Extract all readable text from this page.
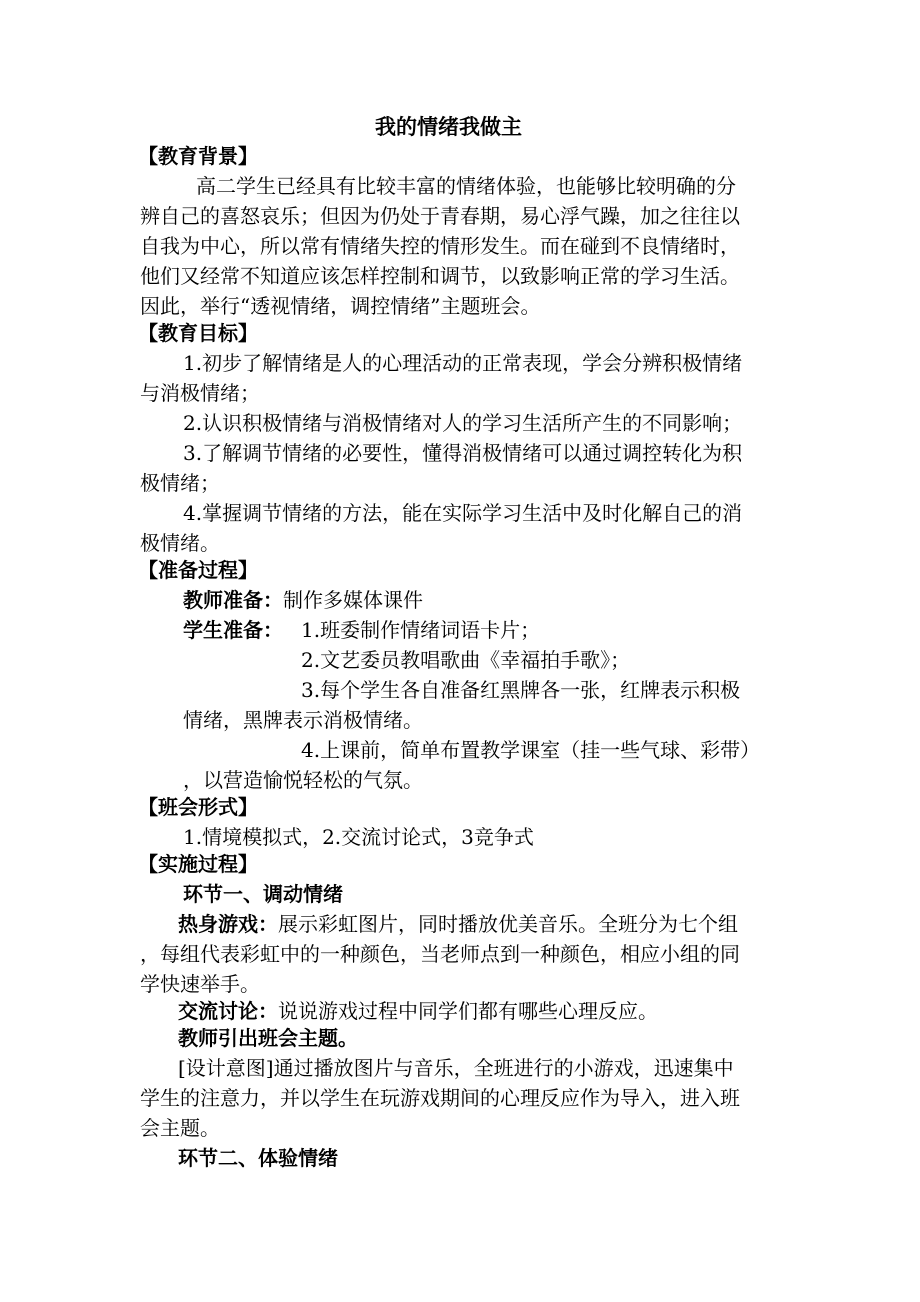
我的情绪我做主
【教育背景】
高二学生已经具有比较丰富的情绪体验，也能够比较明确的分
辨自己的喜怒哀乐；但因为仍处于青春期，易心浮气躁，加之往往以
自我为中心，所以常有情绪失控的情形发生。而在碰到不良情绪时，
他们又经常不知道应该怎样控制和调节，以致影响正常的学习生活。
因此，举行“透视情绪，调控情绪”主题班会。
【教育目标】
1.初步了解情绪是人的心理活动的正常表现，学会分辨积极情绪
与消极情绪；
2.认识积极情绪与消极情绪对人的学习生活所产生的不同影响；
3.了解调节情绪的必要性，懂得消极情绪可以通过调控转化为积
极情绪；
4.掌握调节情绪的方法，能在实际学习生活中及时化解自己的消
极情绪。
【准备过程】
教师准备：制作多媒体课件
学生准备： 1.班委制作情绪词语卡片；
2.文艺委员教唱歌曲《幸福拍手歌》；
3.每个学生各自准备红黑牌各一张，红牌表示积极
情绪，黑牌表示消极情绪。
4.上课前，简单布置教学课室（挂一些气球、彩带）
，以营造愉悦轻松的气氛。
【班会形式】
1.情境模拟式，2.交流讨论式，3竞争式
【实施过程】
环节一、调动情绪
热身游戏：展示彩虹图片，同时播放优美音乐。全班分为七个组
，每组代表彩虹中的一种颜色，当老师点到一种颜色，相应小组的同
学快速举手。
交流讨论：说说游戏过程中同学们都有哪些心理反应。
教师引出班会主题。
[设计意图]通过播放图片与音乐，全班进行的小游戏，迅速集中
学生的注意力，并以学生在玩游戏期间的心理反应作为导入，进入班
会主题。
环节二、体验情绪
